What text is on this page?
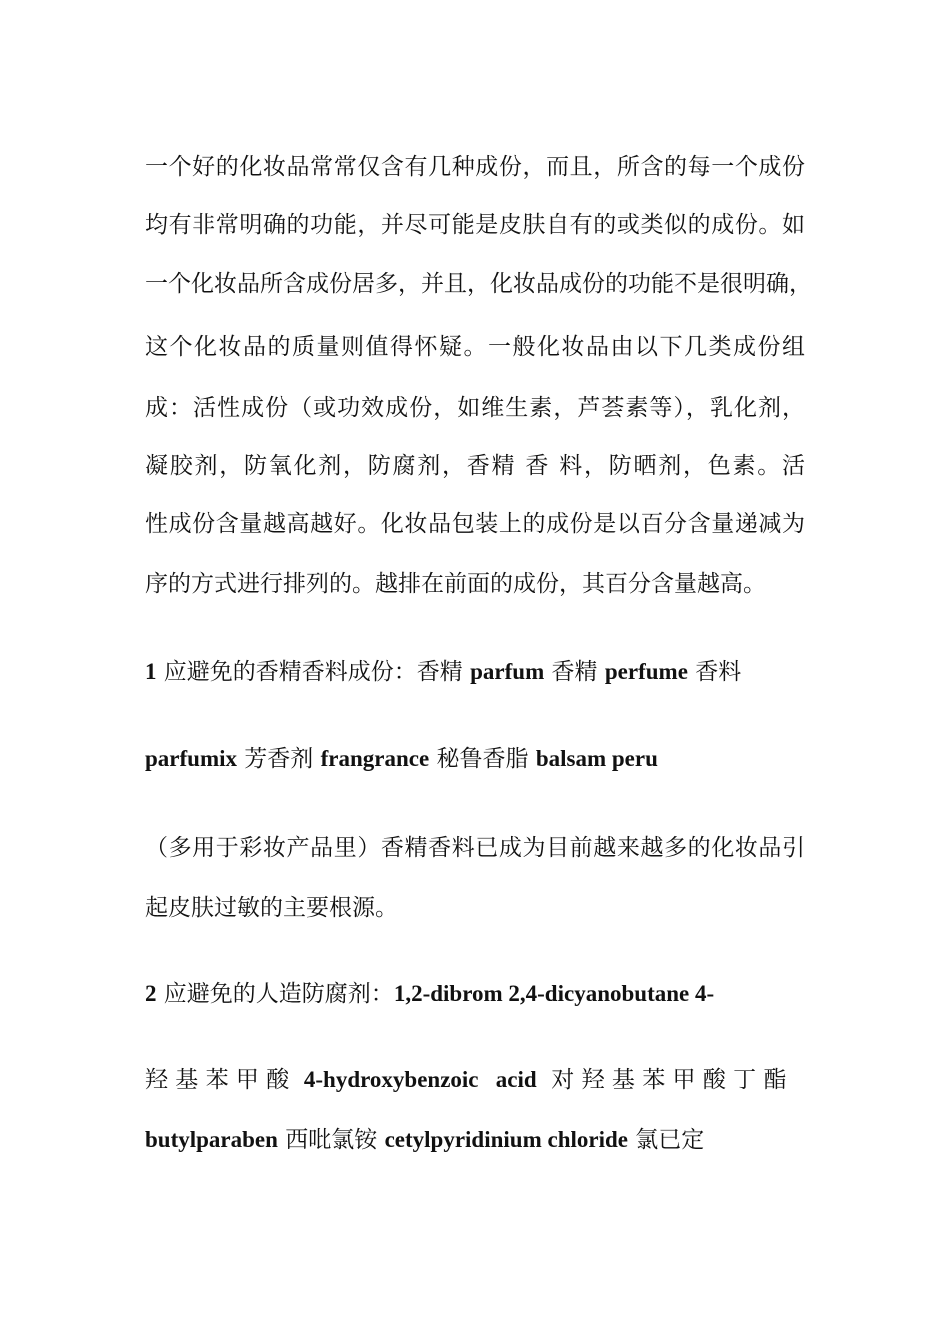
一个好的化妆品常常仅含有几种成份，而且，所含的每一个成份
均有非常明确的功能，并尽可能是皮肤自有的或类似的成份。如
一个化妆品所含成份居多，并且，化妆品成份的功能不是很明确，
这个化妆品的质量则值得怀疑。一般化妆品由以下几类成份组
成：活性成份（或功效成份，如维生素，芦荟素等），乳化剂，
凝胶剂，防氧化剂，防腐剂，香精 香 料，防晒剂，色素。活
性成份含量越高越好。化妆品包装上的成份是以百分含量递减为
序的方式进行排列的。越排在前面的成份，其百分含量越高。
1 应避免的香精香料成份：香精 parfum 香精 perfume 香料
parfumix 芳香剂 frangrance 秘鲁香脂 balsam peru
（多用于彩妆产品里）香精香料已成为目前越来越多的化妆品引
起皮肤过敏的主要根源。
2 应避免的人造防腐剂：1,2-dibrom 2,4-dicyanobutane 4-
羟 基 苯 甲 酸  4-hydroxybenzoic   acid  对 羟 基 苯 甲 酸 丁 酯
butylparaben 西吡氯铵 cetylpyridinium chloride 氯已定
